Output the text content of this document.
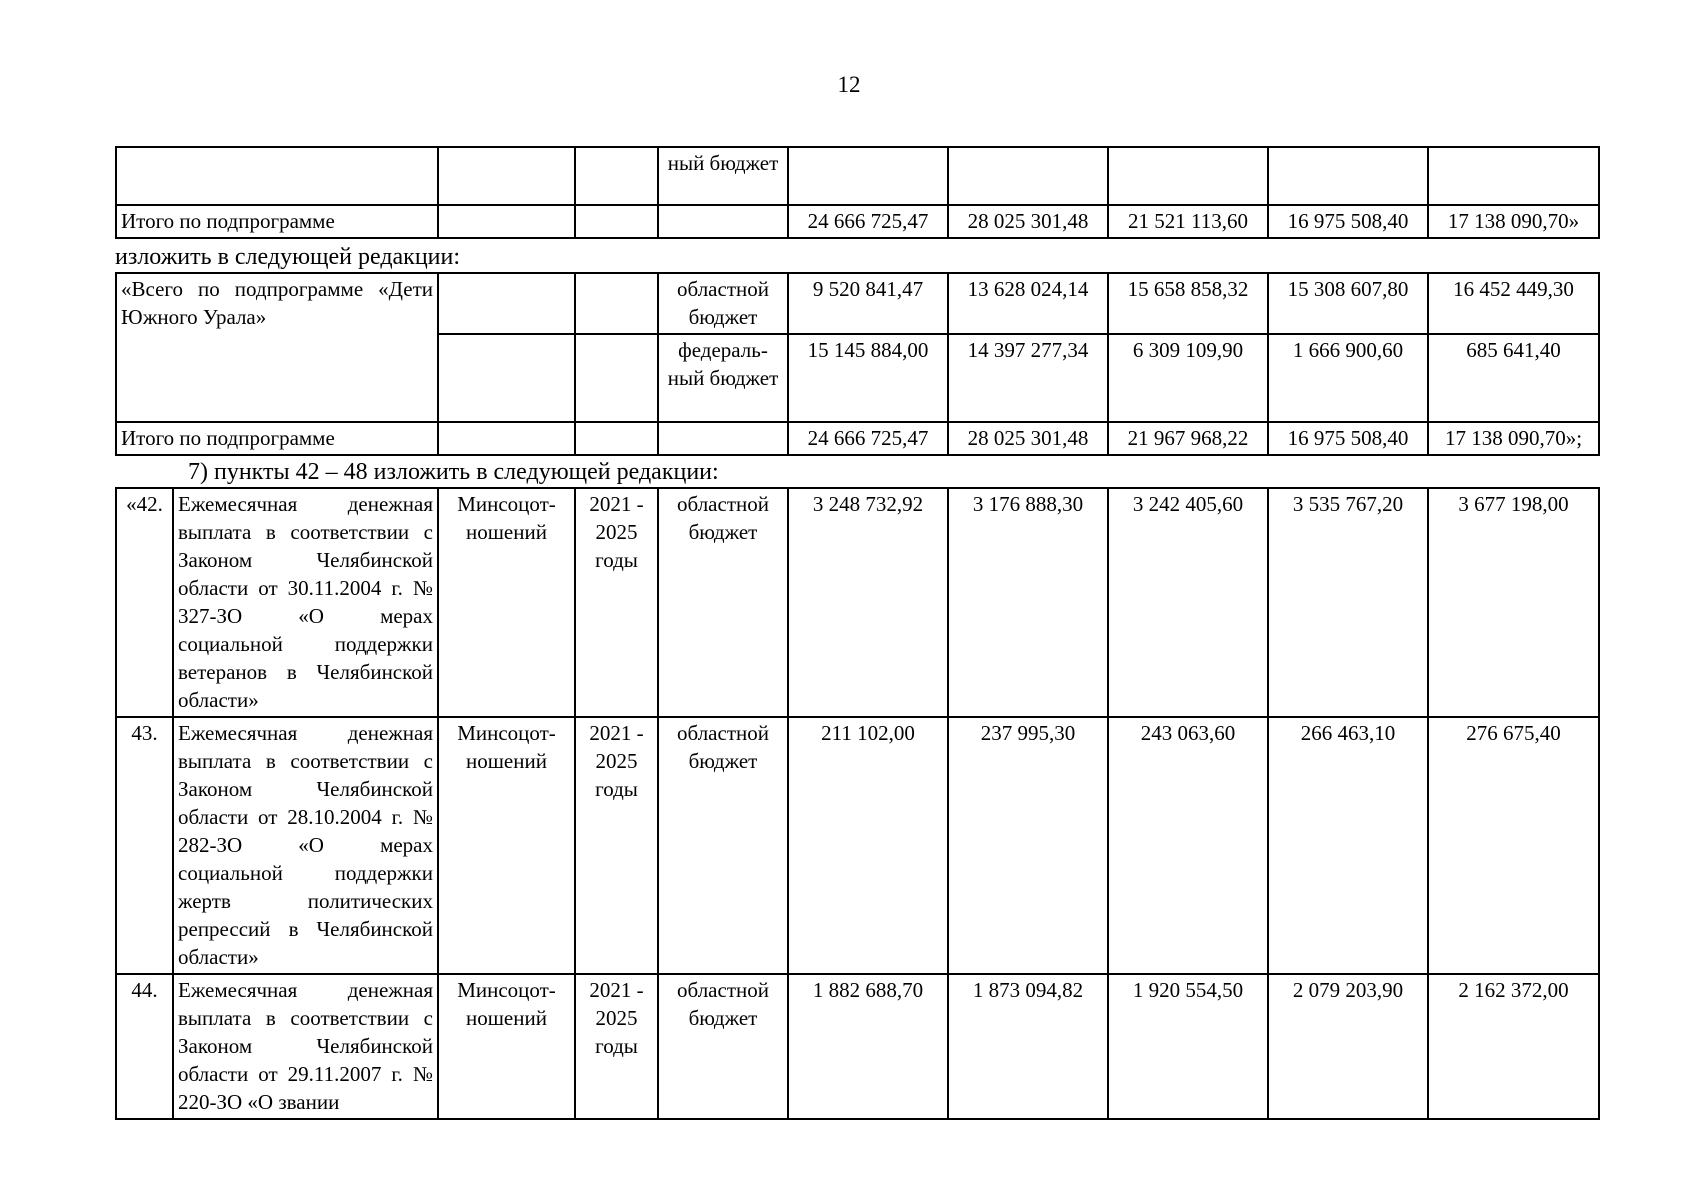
12
			ный бюджет					
Итого по подпрограмме				24 666 725,47	28 025 301,48	21 521 113,60	16 975 508,40	17 138 090,70»
изложить в следующей редакции:
«Всего по подпрограмме «Дети Южного Урала»			областной бюджет	9 520 841,47	13 628 024,14	15 658 858,32	15 308 607,80	16 452 449,30
			федераль-ный бюджет	15 145 884,00	14 397 277,34	6 309 109,90	1 666 900,60	685 641,40
Итого по подпрограмме				24 666 725,47	28 025 301,48	21 967 968,22	16 975 508,40	17 138 090,70»;
7) пункты 42 – 48 изложить в следующей редакции:
«42.	Ежемесячная денежная выплата в соответствии с Законом Челябинской области от 30.11.2004 г. № 327-ЗО «О мерах социальной поддержки ветеранов в Челябинской области»	Минсоцот-ношений	2021 - 2025 годы	областной бюджет	3 248 732,92	3 176 888,30	3 242 405,60	3 535 767,20	3 677 198,00
43.	Ежемесячная денежная выплата в соответствии с Законом Челябинской области от 28.10.2004 г. № 282-ЗО «О мерах социальной поддержки жертв политических репрессий в Челябинской области»	Минсоцот-ношений	2021 - 2025 годы	областной бюджет	211 102,00	237 995,30	243 063,60	266 463,10	276 675,40
44.	Ежемесячная денежная выплата в соответствии с Законом Челябинской области от 29.11.2007 г. № 220-ЗО «О звании	Минсоцот-ношений	2021 - 2025 годы	областной бюджет	1 882 688,70	1 873 094,82	1 920 554,50	2 079 203,90	2 162 372,00
